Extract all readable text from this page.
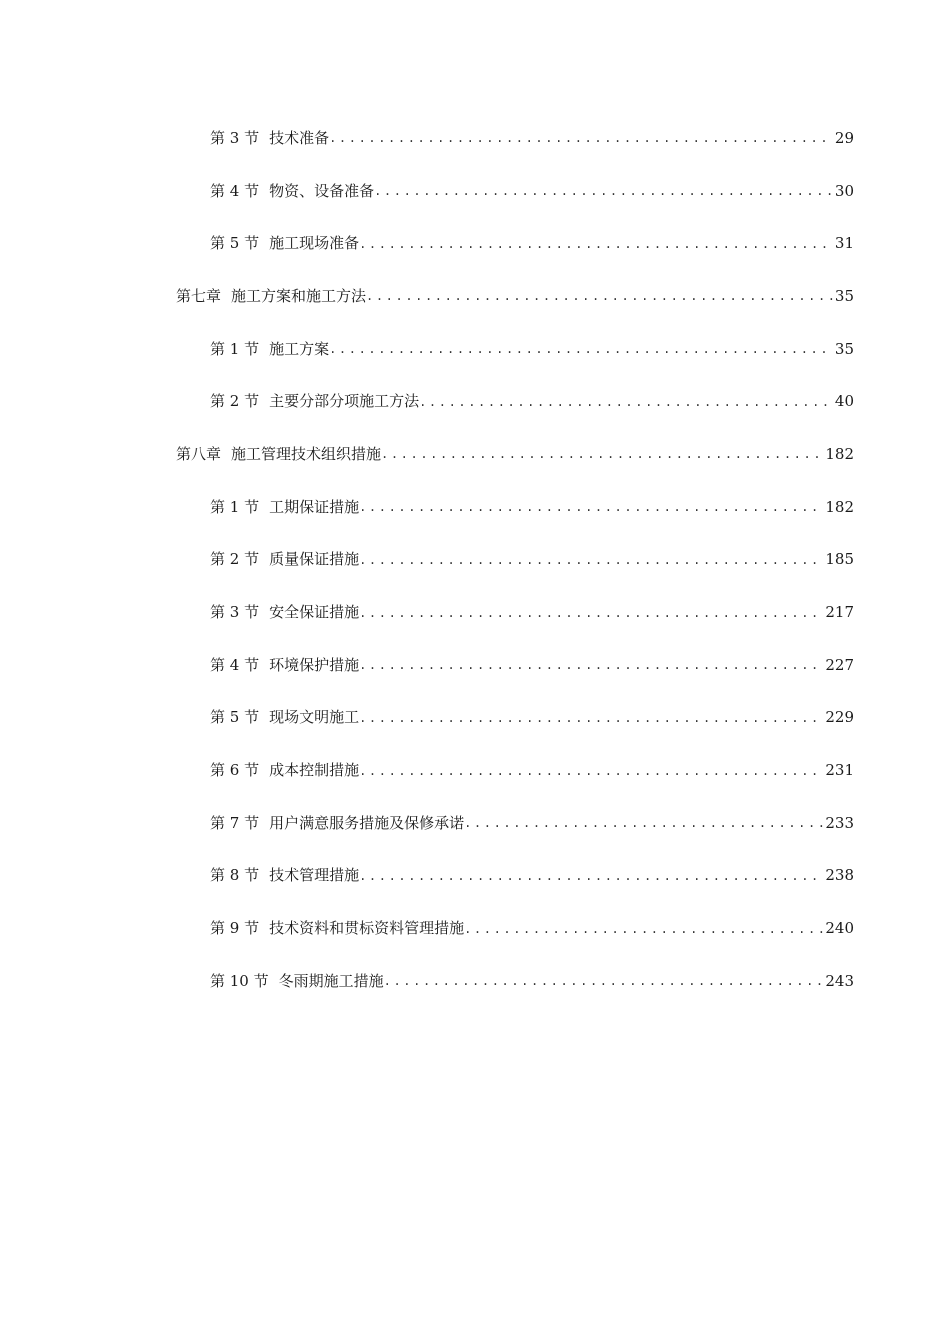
第 3 节 技术准备 .....	29
第 4 节 物资、设备准备 .....	30
第 5 节 施工现场准备 .....	31
第七章 施工方案和施工方法 .....	35
第 1 节 施工方案 .....	35
第 2 节 主要分部分项施工方法 .....	40
第八章 施工管理技术组织措施 .....	182
第 1 节 工期保证措施 .....	182
第 2 节 质量保证措施 .....	185
第 3 节 安全保证措施 .....	217
第 4 节 环境保护措施 .....	227
第 5 节 现场文明施工 .....	229
第 6 节 成本控制措施 .....	231
第 7 节 用户满意服务措施及保修承诺 .....	233
第 8 节 技术管理措施 .....	238
第 9 节 技术资料和贯标资料管理措施 .....	240
第 10 节 冬雨期施工措施 .....	243
